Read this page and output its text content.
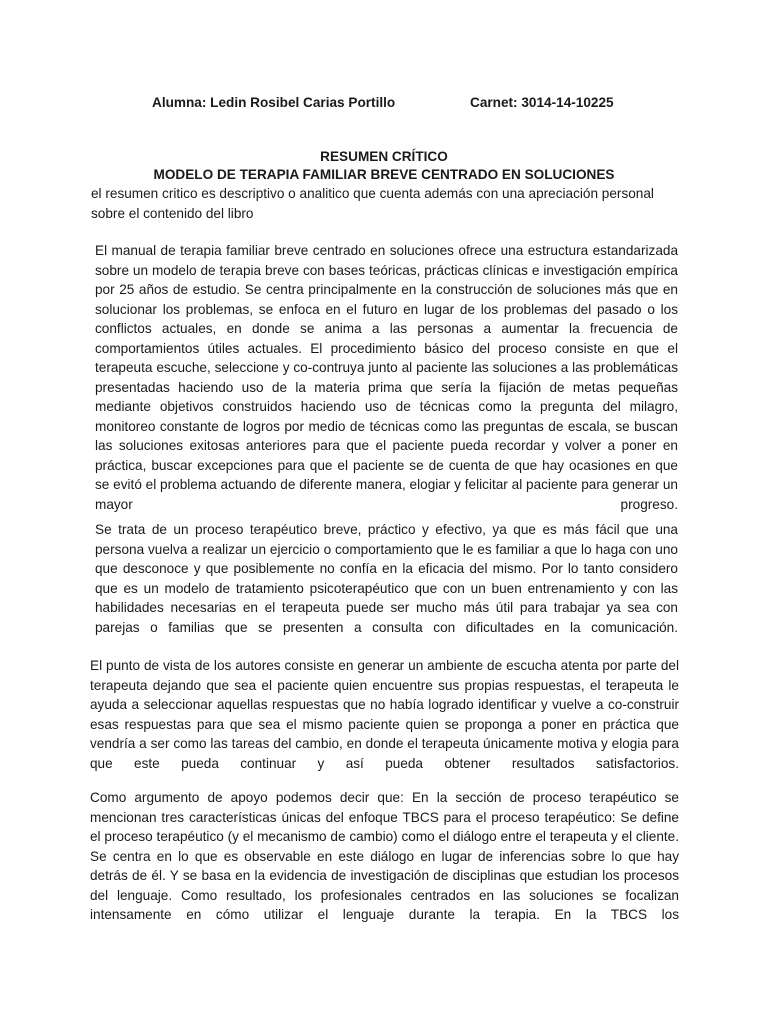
Alumna: Ledin Rosibel Carias Portillo	Carnet: 3014-14-10225
RESUMEN CRÍTICO
MODELO DE TERAPIA FAMILIAR BREVE CENTRADO EN SOLUCIONES
el resumen critico es descriptivo o analitico que cuenta además con una apreciación personal sobre el contenido del libro
El manual de terapia familiar breve centrado en soluciones ofrece una estructura estandarizada sobre un modelo de terapia breve con bases teóricas, prácticas clínicas e investigación empírica por 25 años de estudio. Se centra principalmente en la construcción de soluciones más que en solucionar los problemas, se enfoca en el futuro en lugar de los problemas del pasado o los conflictos actuales, en donde se anima a las personas a aumentar la frecuencia de comportamientos útiles actuales. El procedimiento básico del proceso consiste en que el terapeuta escuche, seleccione y co-contruya junto al paciente las soluciones a las problemáticas presentadas haciendo uso de la materia prima que sería la fijación de metas pequeñas mediante objetivos construidos haciendo uso de técnicas como la pregunta del milagro, monitoreo constante de logros por medio de técnicas como las preguntas de escala, se buscan las soluciones exitosas anteriores para que el paciente pueda recordar y volver a poner en práctica, buscar excepciones para que el paciente se de cuenta de que hay ocasiones en que se evitó el problema actuando de diferente manera, elogiar y felicitar al paciente para generar un mayor progreso.
Se trata de un proceso terapéutico breve, práctico y efectivo, ya que es más fácil que una persona vuelva a realizar un ejercicio o comportamiento que le es familiar a que lo haga con uno que desconoce y que posiblemente no confía en la eficacia del mismo. Por lo tanto considero que es un modelo de tratamiento psicoterapéutico que con un buen entrenamiento y con las habilidades necesarias en el terapeuta puede ser mucho más útil para trabajar ya sea con parejas o familias que se presenten a consulta con dificultades en la comunicación.
El punto de vista de los autores consiste en generar un ambiente de escucha atenta por parte del terapeuta dejando que sea el paciente quien encuentre sus propias respuestas, el terapeuta le ayuda a seleccionar aquellas respuestas que no había logrado identificar y vuelve a co-construir esas respuestas para que sea el mismo paciente quien se proponga a poner en práctica que vendría a ser como las tareas del cambio, en donde el terapeuta únicamente motiva y elogia para que este pueda continuar y así pueda obtener resultados satisfactorios.
Como argumento de apoyo podemos decir que: En la sección de proceso terapéutico se mencionan tres características únicas del enfoque TBCS para el proceso terapéutico: Se define el proceso terapéutico (y el mecanismo de cambio) como el diálogo entre el terapeuta y el cliente. Se centra en lo que es observable en este diálogo en lugar de inferencias sobre lo que hay detrás de él. Y se basa en la evidencia de investigación de disciplinas que estudian los procesos del lenguaje. Como resultado, los profesionales centrados en las soluciones se focalizan intensamente en cómo utilizar el lenguaje durante la terapia. En la TBCS los
